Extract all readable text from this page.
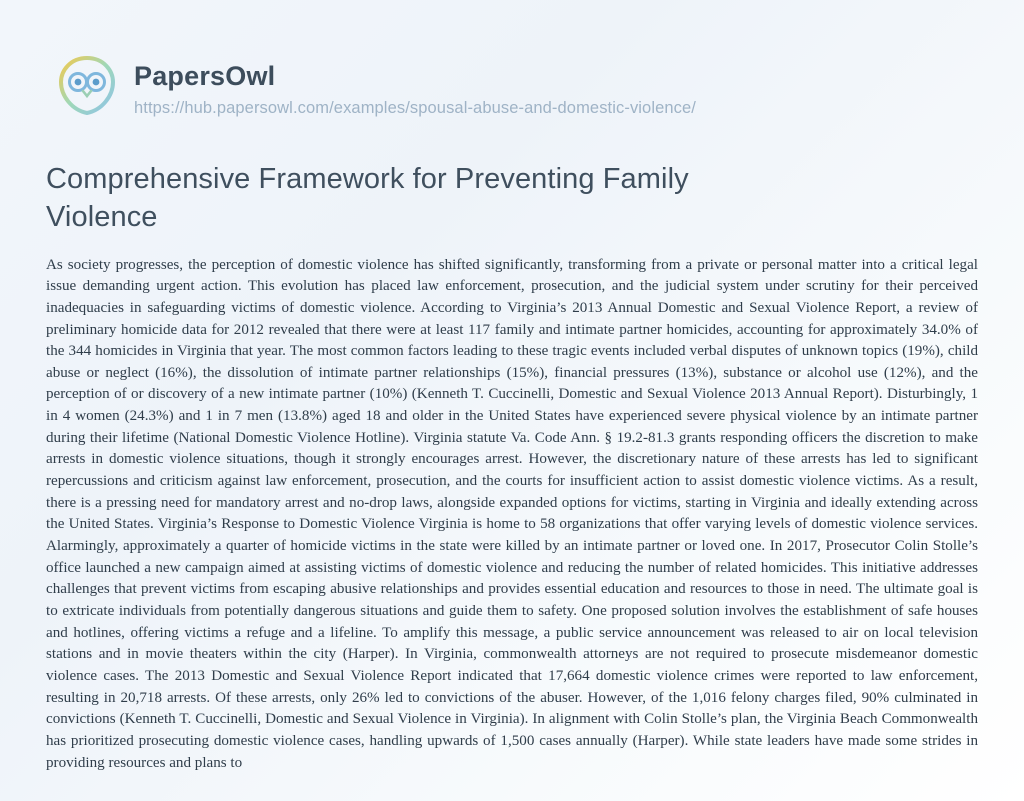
PapersOwl
https://hub.papersowl.com/examples/spousal-abuse-and-domestic-violence/
Comprehensive Framework for Preventing Family Violence
As society progresses, the perception of domestic violence has shifted significantly, transforming from a private or personal matter into a critical legal issue demanding urgent action. This evolution has placed law enforcement, prosecution, and the judicial system under scrutiny for their perceived inadequacies in safeguarding victims of domestic violence. According to Virginia’s 2013 Annual Domestic and Sexual Violence Report, a review of preliminary homicide data for 2012 revealed that there were at least 117 family and intimate partner homicides, accounting for approximately 34.0% of the 344 homicides in Virginia that year. The most common factors leading to these tragic events included verbal disputes of unknown topics (19%), child abuse or neglect (16%), the dissolution of intimate partner relationships (15%), financial pressures (13%), substance or alcohol use (12%), and the perception of or discovery of a new intimate partner (10%) (Kenneth T. Cuccinelli, Domestic and Sexual Violence 2013 Annual Report). Disturbingly, 1 in 4 women (24.3%) and 1 in 7 men (13.8%) aged 18 and older in the United States have experienced severe physical violence by an intimate partner during their lifetime (National Domestic Violence Hotline). Virginia statute Va. Code Ann. § 19.2-81.3 grants responding officers the discretion to make arrests in domestic violence situations, though it strongly encourages arrest. However, the discretionary nature of these arrests has led to significant repercussions and criticism against law enforcement, prosecution, and the courts for insufficient action to assist domestic violence victims. As a result, there is a pressing need for mandatory arrest and no-drop laws, alongside expanded options for victims, starting in Virginia and ideally extending across the United States. Virginia’s Response to Domestic Violence Virginia is home to 58 organizations that offer varying levels of domestic violence services. Alarmingly, approximately a quarter of homicide victims in the state were killed by an intimate partner or loved one. In 2017, Prosecutor Colin Stolle’s office launched a new campaign aimed at assisting victims of domestic violence and reducing the number of related homicides. This initiative addresses challenges that prevent victims from escaping abusive relationships and provides essential education and resources to those in need. The ultimate goal is to extricate individuals from potentially dangerous situations and guide them to safety. One proposed solution involves the establishment of safe houses and hotlines, offering victims a refuge and a lifeline. To amplify this message, a public service announcement was released to air on local television stations and in movie theaters within the city (Harper). In Virginia, commonwealth attorneys are not required to prosecute misdemeanor domestic violence cases. The 2013 Domestic and Sexual Violence Report indicated that 17,664 domestic violence crimes were reported to law enforcement, resulting in 20,718 arrests. Of these arrests, only 26% led to convictions of the abuser. However, of the 1,016 felony charges filed, 90% culminated in convictions (Kenneth T. Cuccinelli, Domestic and Sexual Violence in Virginia). In alignment with Colin Stolle’s plan, the Virginia Beach Commonwealth has prioritized prosecuting domestic violence cases, handling upwards of 1,500 cases annually (Harper). While state leaders have made some strides in providing resources and plans to
